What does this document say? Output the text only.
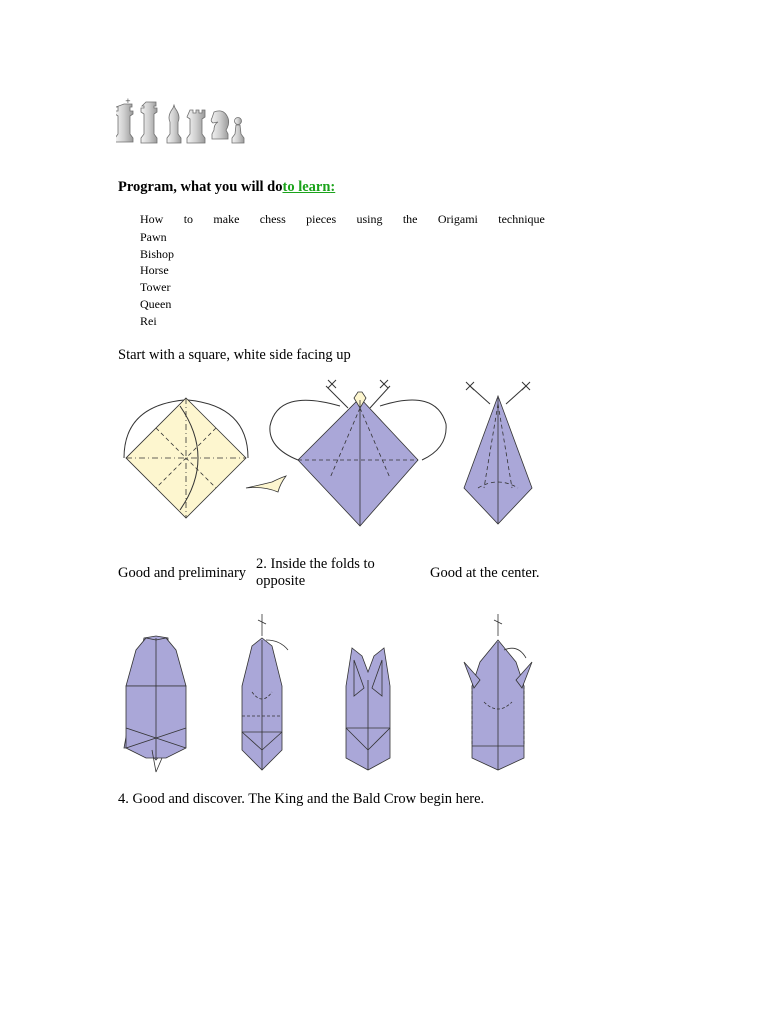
+
Program, what you will doto learn:
How to make chess pieces using the Origami technique
Pawn
Bishop
Horse
Tower
Queen
Rei
Start with a square, white side facing up
Good and preliminary
2. Inside the folds to opposite	Good at the center.
4. Good and discover. The King and the Bald Crow begin here.
